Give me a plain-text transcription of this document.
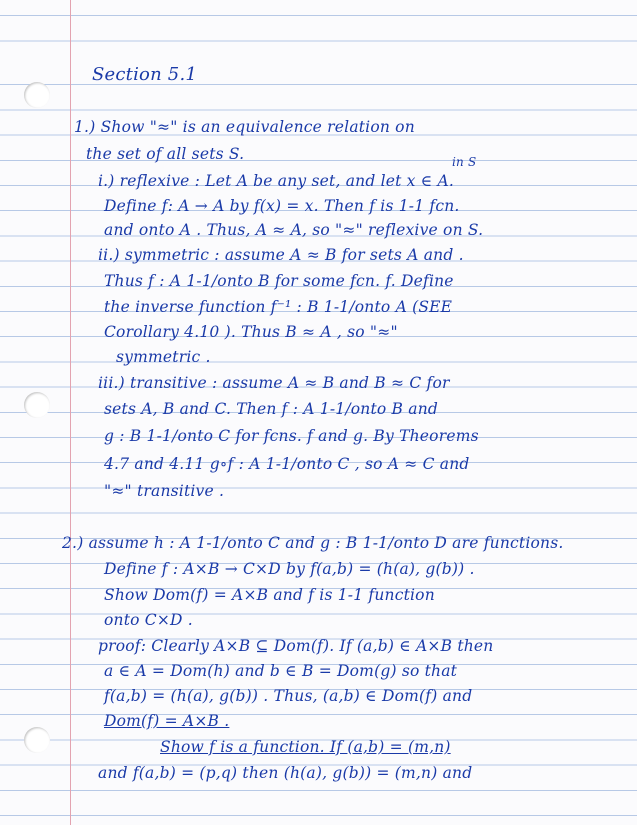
Section 5.1
1.) Show "≈" is an equivalence relation on
the set of all sets S.	in S
i.) reflexive : Let A be any set, and let x ∈ A.
Define f: A → A by f(x) = x. Then f is 1-1 fcn.
and onto A . Thus, A ≈ A, so "≈" reflexive on S.
ii.) symmetric : assume A ≈ B for sets A and .
Thus f : A 1-1/onto B for some fcn. f. Define
the inverse function f⁻¹ : B 1-1/onto A (SEE
Corollary 4.10 ). Thus B ≈ A , so "≈"
symmetric .
iii.) transitive : assume A ≈ B and B ≈ C for
sets A, B and C. Then f : A 1-1/onto B and
g : B 1-1/onto C for fcns. f and g. By Theorems
4.7 and 4.11 g∘f : A 1-1/onto C , so A ≈ C and
"≈" transitive .
2.) assume h : A 1-1/onto C and g : B 1-1/onto D are functions.
Define f : A×B → C×D by f(a,b) = (h(a), g(b)) .
Show Dom(f) = A×B and f is 1-1 function
onto C×D .
proof: Clearly A×B ⊆ Dom(f). If (a,b) ∈ A×B then
a ∈ A = Dom(h) and b ∈ B = Dom(g) so that
f(a,b) = (h(a), g(b)) . Thus, (a,b) ∈ Dom(f) and
Dom(f) = A×B .
Show f is a function. If (a,b) = (m,n)
and f(a,b) = (p,q) then (h(a), g(b)) = (m,n) and
